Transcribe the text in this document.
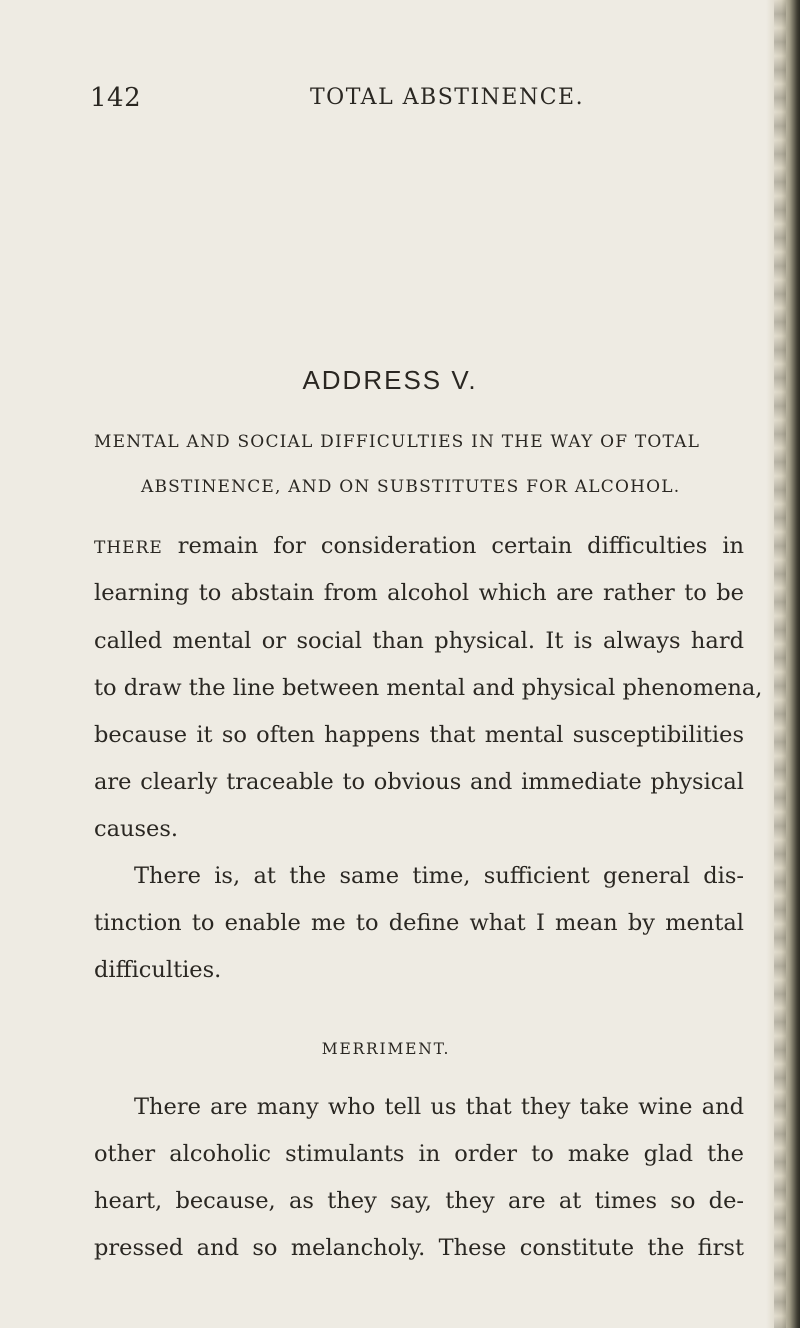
142	TOTAL ABSTINENCE.
ADDRESS V.
MENTAL AND SOCIAL DIFFICULTIES IN THE WAY OF TOTAL
ABSTINENCE, AND ON SUBSTITUTES FOR ALCOHOL.
THERE remain for consideration certain difficulties in
learning to abstain from alcohol which are rather to be
called mental or social than physical. It is always hard
to draw the line between mental and physical phenomena,
because it so often happens that mental susceptibilities
are clearly traceable to obvious and immediate physical
causes.
There is, at the same time, sufficient general dis-
tinction to enable me to define what I mean by mental
difficulties.
MERRIMENT.
There are many who tell us that they take wine and
other alcoholic stimulants in order to make glad the
heart, because, as they say, they are at times so de-
pressed and so melancholy. These constitute the first
